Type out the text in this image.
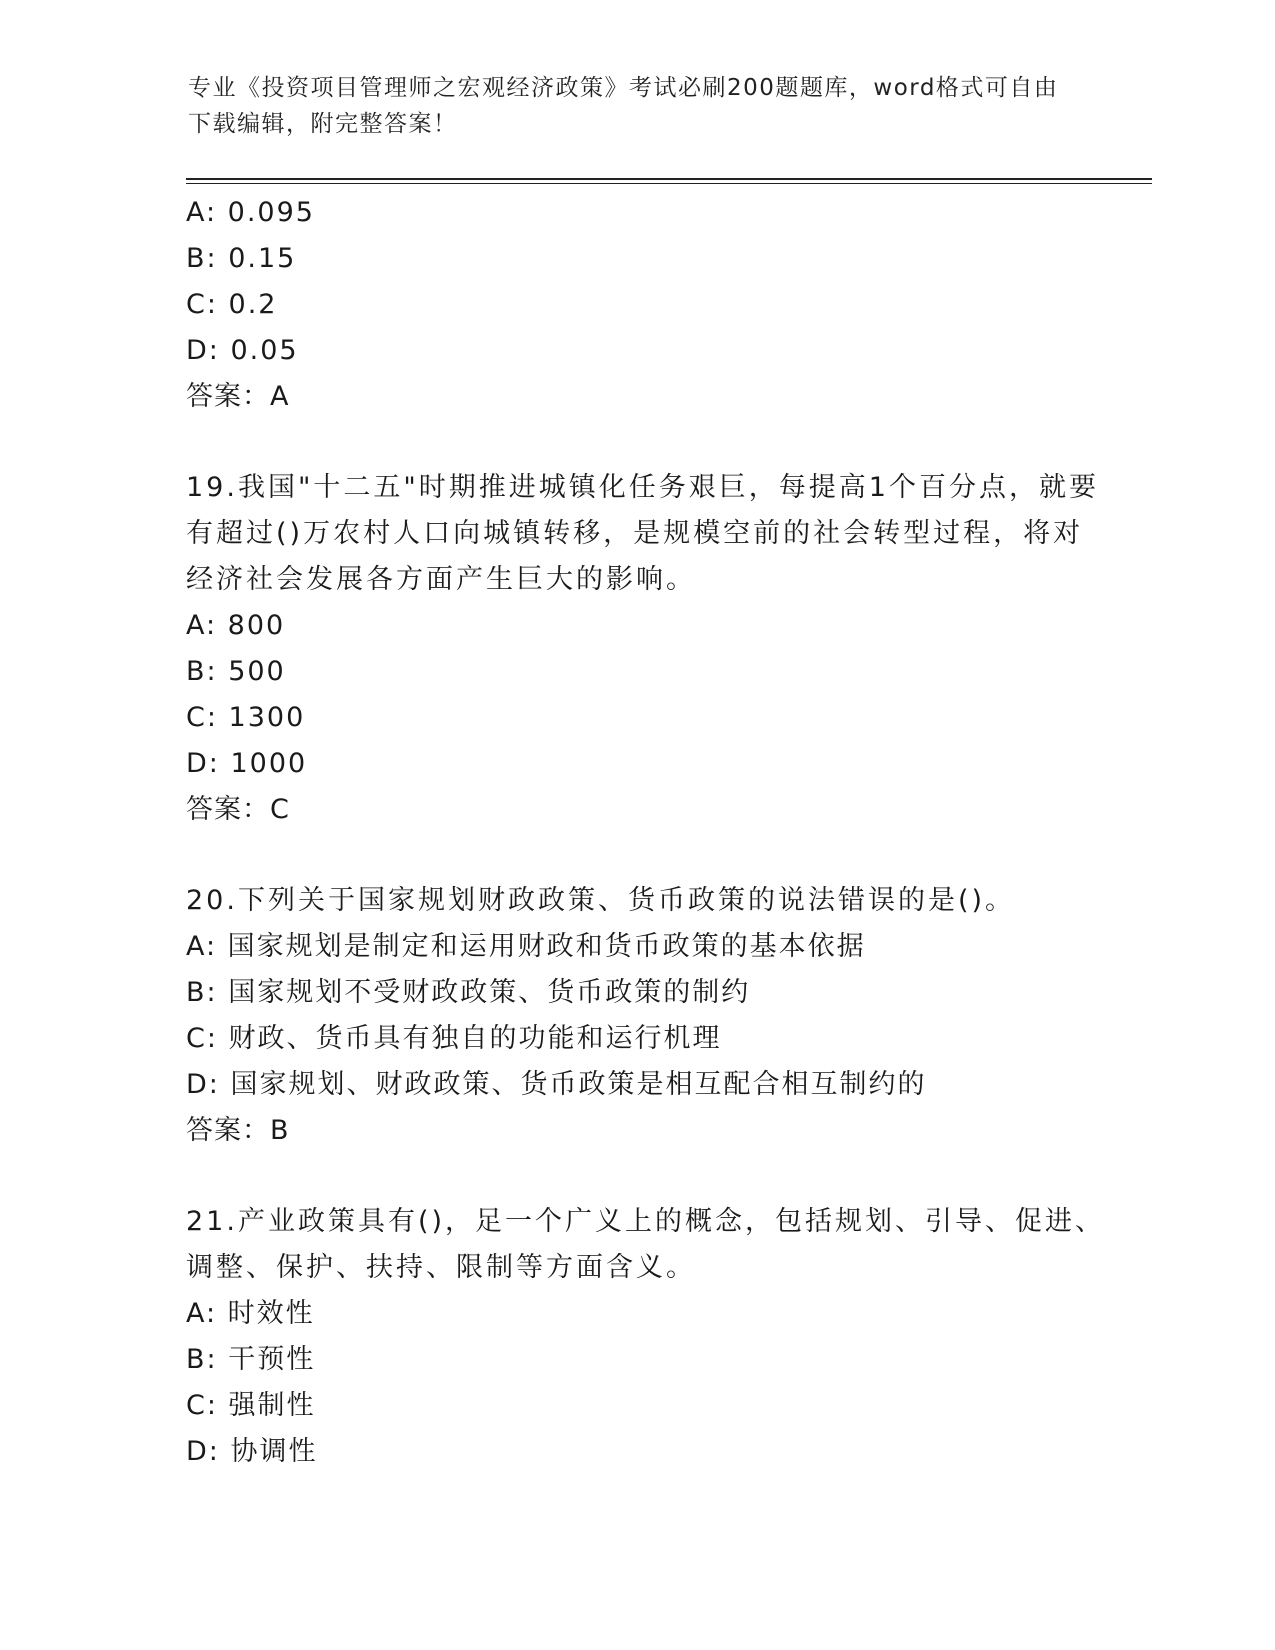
专业《投资项目管理师之宏观经济政策》考试必刷200题题库，word格式可自由
下载编辑，附完整答案！
A: 0.095
B: 0.15
C: 0.2
D: 0.05
答案：A
19.我国"十二五"时期推进城镇化任务艰巨，每提高1个百分点，就要
有超过()万农村人口向城镇转移，是规模空前的社会转型过程，将对
经济社会发展各方面产生巨大的影响。
A: 800
B: 500
C: 1300
D: 1000
答案：C
20.下列关于国家规划财政政策、货币政策的说法错误的是()。
A: 国家规划是制定和运用财政和货币政策的基本依据
B: 国家规划不受财政政策、货币政策的制约
C: 财政、货币具有独自的功能和运行机理
D: 国家规划、财政政策、货币政策是相互配合相互制约的
答案：B
21.产业政策具有()，足一个广义上的概念，包括规划、引导、促进、
调整、保护、扶持、限制等方面含义。
A: 时效性
B: 干预性
C: 强制性
D: 协调性
